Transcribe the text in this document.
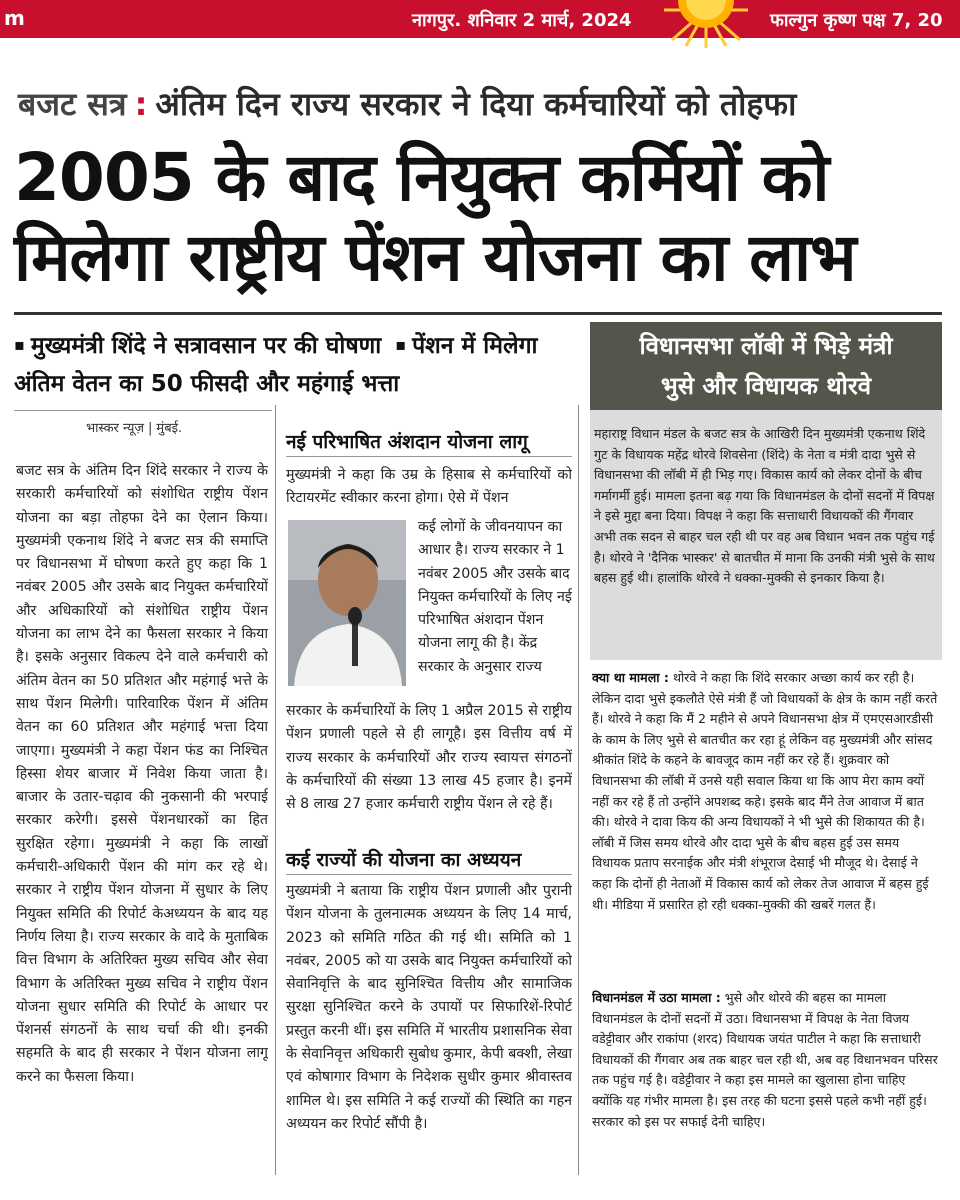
m	नागपुर. शनिवार 2 मार्च, 2024	फाल्गुन कृष्ण पक्ष 7, 20
बजट सत्र : अंतिम दिन राज्य सरकार ने दिया कर्मचारियों को तोहफा
2005 के बाद नियुक्त कर्मियों को
मिलेगा राष्ट्रीय पेंशन योजना का लाभ
▪ मुख्यमंत्री शिंदे ने सत्रावसान पर की घोषणा ▪ पेंशन में मिलेगा अंतिम वेतन का 50 फीसदी और महंगाई भत्ता
विधानसभा लॉबी में भिड़े मंत्री
भुसे और विधायक थोरवे
भास्कर न्यूज़ | मुंबई.

बजट सत्र के अंतिम दिन शिंदे सरकार ने राज्य के सरकारी कर्मचारियों को संशोधित राष्ट्रीय पेंशन योजना का बड़ा तोहफा देने का ऐलान किया। मुख्यमंत्री एकनाथ शिंदे ने बजट सत्र की समाप्ति पर विधानसभा में घोषणा करते हुए कहा कि 1 नवंबर 2005 और उसके बाद नियुक्त कर्मचारियों और अधिकारियों को संशोधित राष्ट्रीय पेंशन योजना का लाभ देने का फैसला सरकार ने किया है। इसके अनुसार विकल्प देने वाले कर्मचारी को अंतिम वेतन का 50 प्रतिशत और महंगाई भत्ते के साथ पेंशन मिलेगी। पारिवारिक पेंशन में अंतिम वेतन का 60 प्रतिशत और महंगाई भत्ता दिया जाएगा। मुख्यमंत्री ने कहा पेंशन फंड का निश्चित हिस्सा शेयर बाजार में निवेश किया जाता है। बाजार के उतार-चढ़ाव की नुकसानी की भरपाई सरकार करेगी। इससे पेंशनधारकों का हित सुरक्षित रहेगा। मुख्यमंत्री ने कहा कि लाखों कर्मचारी-अधिकारी पेंशन की मांग कर रहे थे। सरकार ने राष्ट्रीय पेंशन योजना में सुधार के लिए नियुक्त समिति की रिपोर्ट केअध्ययन के बाद यह निर्णय लिया है। राज्य सरकार के वादे के मुताबिक वित्त विभाग के अतिरिक्त मुख्य सचिव और सेवा विभाग के अतिरिक्त मुख्य सचिव ने राष्ट्रीय पेंशन योजना सुधार समिति की रिपोर्ट के आधार पर पेंशनर्स संगठनों के साथ चर्चा की थी। इनकी सहमति के बाद ही सरकार ने पेंशन योजना लागू करने का फैसला किया।

नई परिभाषित अंशदान योजना लागू

मुख्यमंत्री ने कहा कि उम्र के हिसाब से कर्मचारियों को रिटायरमेंट स्वीकार करना होगा। ऐसे में पेंशन

कई लोगों के जीवनयापन का आधार है। राज्य सरकार ने 1 नवंबर 2005 और उसके बाद नियुक्त कर्मचारियों के लिए नई परिभाषित अंशदान पेंशन योजना लागू की है। केंद्र सरकार के अनुसार राज्य

सरकार के कर्मचारियों के लिए 1 अप्रैल 2015 से राष्ट्रीय पेंशन प्रणाली पहले से ही लागूहै। इस वित्तीय वर्ष में राज्य सरकार के कर्मचारियों और राज्य स्वायत्त संगठनों के कर्मचारियों की संख्या 13 लाख 45 हजार है। इनमें से 8 लाख 27 हजार कर्मचारी राष्ट्रीय पेंशन ले रहे हैं।

कई राज्यों की योजना का अध्ययन

मुख्यमंत्री ने बताया कि राष्ट्रीय पेंशन प्रणाली और पुरानी पेंशन योजना के तुलनात्मक अध्ययन के लिए 14 मार्च, 2023 को समिति गठित की गई थी। समिति को 1 नवंबर, 2005 को या उसके बाद नियुक्त कर्मचारियों को सेवानिवृत्ति के बाद सुनिश्चित वित्तीय और सामाजिक सुरक्षा सुनिश्चित करने के उपायों पर सिफारिशें-रिपोर्ट प्रस्तुत करनी थीं। इस समिति में भारतीय प्रशासनिक सेवा के सेवानिवृत्त अधिकारी सुबोध कुमार, केपी बक्शी, लेखा एवं कोषागार विभाग के निदेशक सुधीर कुमार श्रीवास्तव शामिल थे। इस समिति ने कई राज्यों की स्थिति का गहन अध्ययन कर रिपोर्ट सौंपी है।

महाराष्ट्र विधान मंडल के बजट सत्र के आखिरी दिन मुख्यमंत्री एकनाथ शिंदे गुट के विधायक महेंद्र थोरवे शिवसेना (शिंदे) के नेता व मंत्री दादा भुसे से विधानसभा की लॉबी में ही भिड़ गए। विकास कार्य को लेकर दोनों के बीच गर्मागर्मी हुई। मामला इतना बढ़ गया कि विधानमंडल के दोनों सदनों में विपक्ष ने इसे मुद्दा बना दिया। विपक्ष ने कहा कि सत्ताधारी विधायकों की गैंगवार अभी तक सदन से बाहर चल रही थी पर वह अब विधान भवन तक पहुंच गई है। थोरवे ने 'दैनिक भास्कर' से बातचीत में माना कि उनकी मंत्री भुसे के साथ बहस हुई थी। हालांकि थोरवे ने धक्का-मुक्की से इनकार किया है।

क्या था मामला : थोरवे ने कहा कि शिंदे सरकार अच्छा कार्य कर रही है। लेकिन दादा भुसे इकलौते ऐसे मंत्री हैं जो विधायकों के क्षेत्र के काम नहीं करते हैं। थोरवे ने कहा कि मैं 2 महीने से अपने विधानसभा क्षेत्र में एमएसआरडीसी के काम के लिए भुसे से बातचीत कर रहा हूं लेकिन वह मुख्यमंत्री और सांसद श्रीकांत शिंदे के कहने के बावजूद काम नहीं कर रहे हैं। शुक्रवार को विधानसभा की लॉबी में उनसे यही सवाल किया था कि आप मेरा काम क्यों नहीं कर रहे हैं तो उन्होंने अपशब्द कहे। इसके बाद मैंने तेज आवाज में बात की। थोरवे ने दावा किय की अन्य विधायकों ने भी भुसे की शिकायत की है। लॉबी में जिस समय थोरवे और दादा भुसे के बीच बहस हुई उस समय विधायक प्रताप सरनाईक और मंत्री शंभूराज देसाई भी मौजूद थे। देसाई ने कहा कि दोनों ही नेताओं में विकास कार्य को लेकर तेज आवाज में बहस हुई थी। मीडिया में प्रसारित हो रही धक्का-मुक्की की खबरें गलत हैं।

विधानमंडल में उठा मामला : भुसे और थोरवे की बहस का मामला विधानमंडल के दोनों सदनों में उठा। विधानसभा में विपक्ष के नेता विजय वडेट्टीवार और राकांपा (शरद) विधायक जयंत पाटील ने कहा कि सत्ताधारी विधायकों की गैंगवार अब तक बाहर चल रही थी, अब वह विधानभवन परिसर तक पहुंच गई है। वडेट्टीवार ने कहा इस मामले का खुलासा होना चाहिए क्योंकि यह गंभीर मामला है। इस तरह की घटना इससे पहले कभी नहीं हुई। सरकार को इस पर सफाई देनी चाहिए।
